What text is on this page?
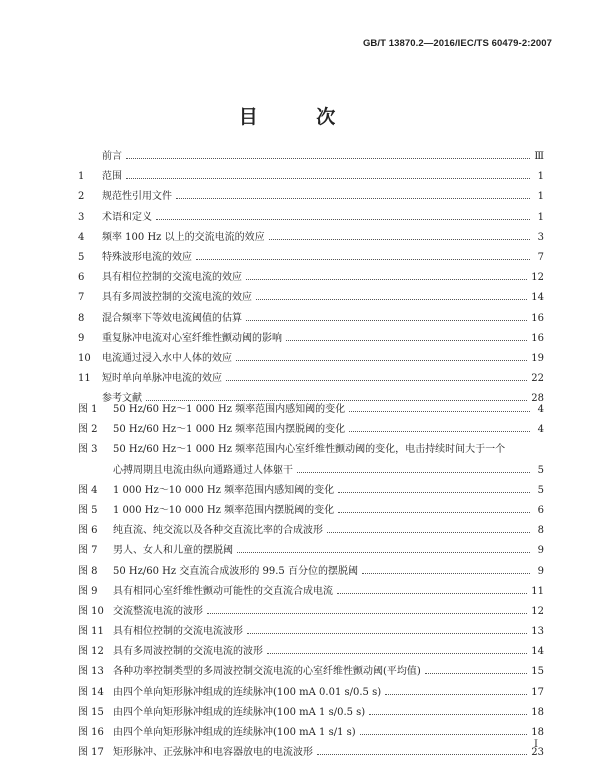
GB/T 13870.2—2016/IEC/TS 60479-2:2007
目 次
前言	Ⅲ
1	范围	1
2	规范性引用文件	1
3	术语和定义	1
4	频率 100 Hz 以上的交流电流的效应	3
5	特殊波形电流的效应	7
6	具有相位控制的交流电流的效应	12
7	具有多周波控制的交流电流的效应	14
8	混合频率下等效电流阈值的估算	16
9	重复脉冲电流对心室纤维性颤动阈的影响	16
10	电流通过浸入水中人体的效应	19
11	短时单向单脉冲电流的效应	22
参考文献	28
图 1	50 Hz/60 Hz～1 000 Hz 频率范围内感知阈的变化	4
图 2	50 Hz/60 Hz～1 000 Hz 频率范围内摆脱阈的变化	4
图 3	50 Hz/60 Hz～1 000 Hz 频率范围内心室纤维性颤动阈的变化，电击持续时间大于一个
心搏周期且电流由纵向通路通过人体躯干	5
图 4	1 000 Hz～10 000 Hz 频率范围内感知阈的变化	5
图 5	1 000 Hz～10 000 Hz 频率范围内摆脱阈的变化	6
图 6	纯直流、纯交流以及各种交直流比率的合成波形	8
图 7	男人、女人和儿童的摆脱阈	9
图 8	50 Hz/60 Hz 交直流合成波形的 99.5 百分位的摆脱阈	9
图 9	具有相同心室纤维性颤动可能性的交直流合成电流	11
图 10 交流整流电流的波形	12
图 11 具有相位控制的交流电流波形	13
图 12 具有多周波控制的交流电流的波形	14
图 13 各种功率控制类型的多周波控制交流电流的心室纤维性颤动阈(平均值)	15
图 14 由四个单向矩形脉冲组成的连续脉冲(100 mA 0.01 s/0.5 s)	17
图 15 由四个单向矩形脉冲组成的连续脉冲(100 mA 1 s/0.5 s)	18
图 16 由四个单向矩形脉冲组成的连续脉冲(100 mA 1 s/1 s)	18
图 17 矩形脉冲、正弦脉冲和电容器放电的电流波形	23
I
